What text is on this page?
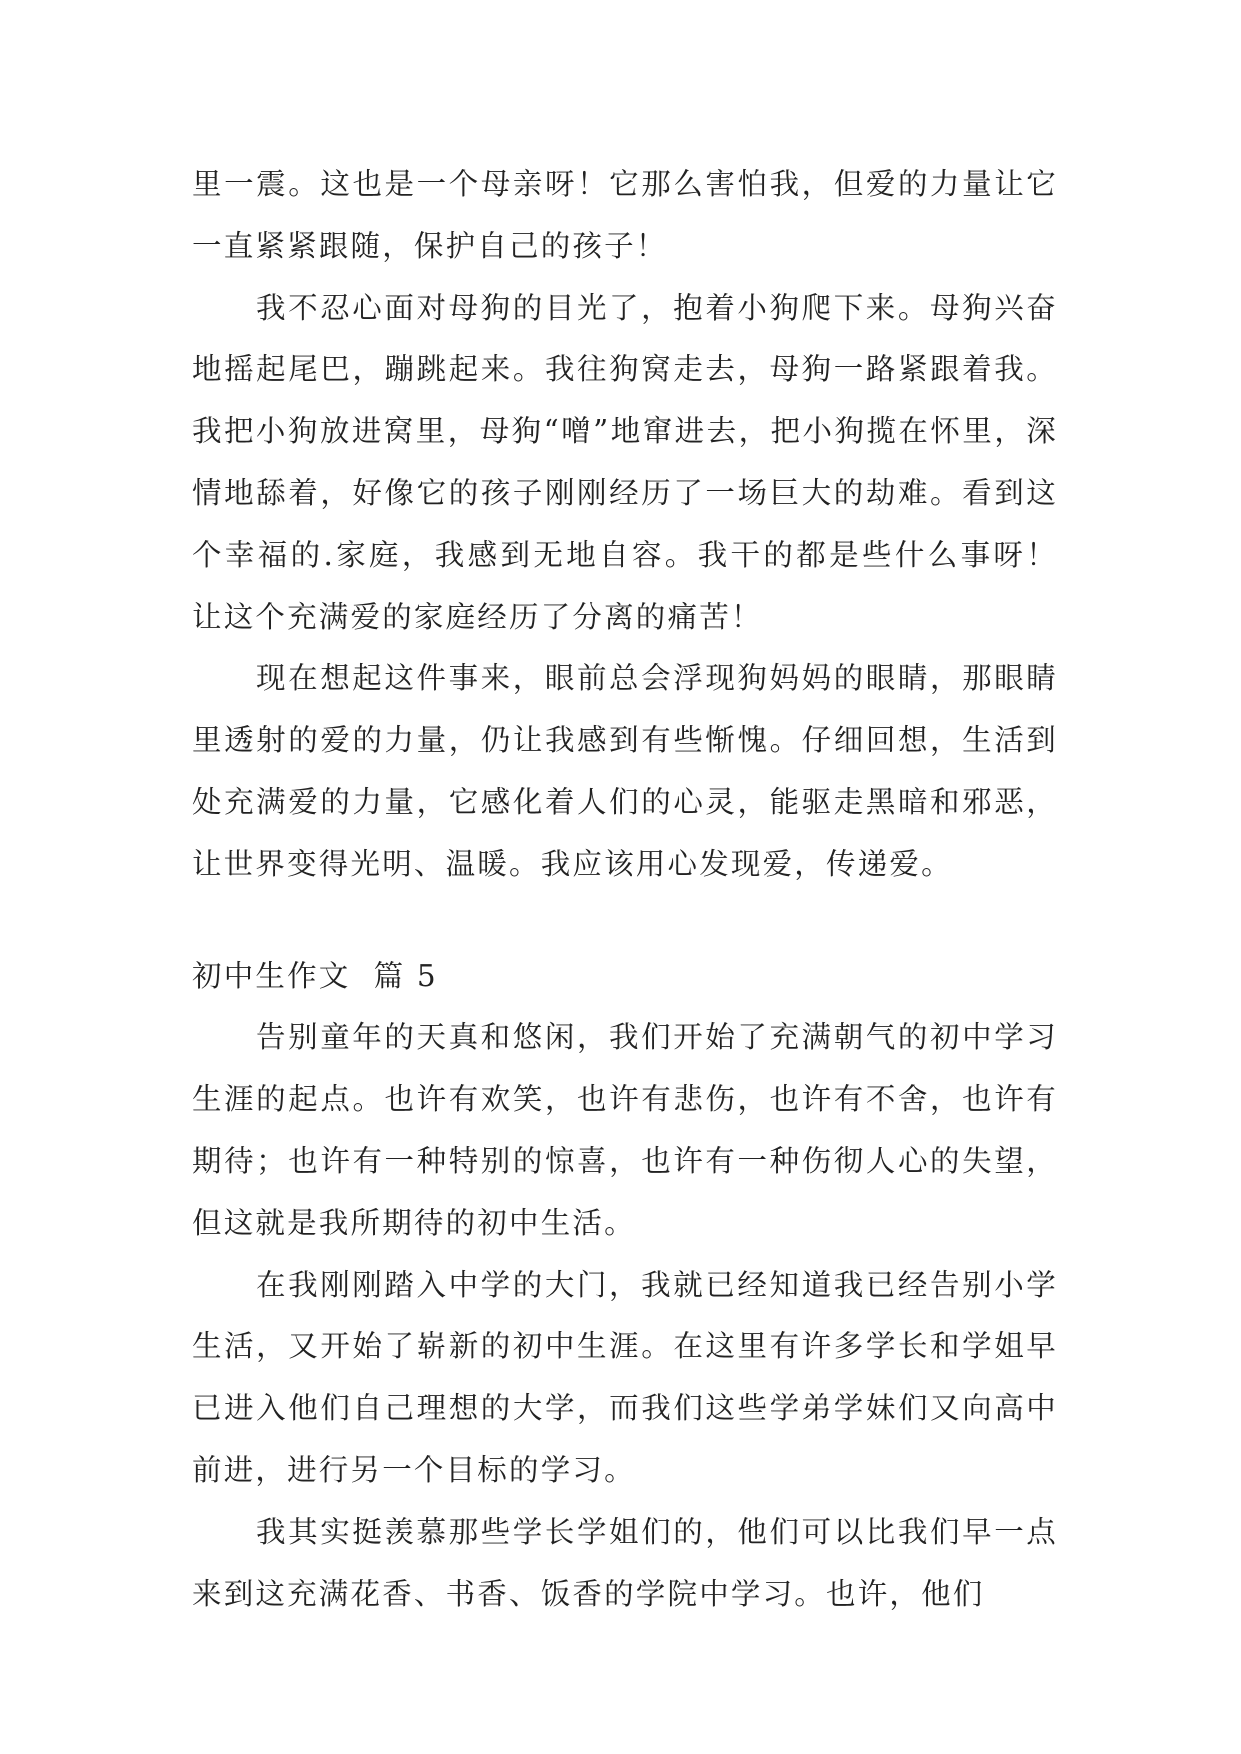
里一震。这也是一个母亲呀！它那么害怕我，但爱的力量让它一直紧紧跟随，保护自己的孩子！

我不忍心面对母狗的目光了，抱着小狗爬下来。母狗兴奋地摇起尾巴，蹦跳起来。我往狗窝走去，母狗一路紧跟着我。我把小狗放进窝里，母狗“噌”地窜进去，把小狗揽在怀里，深情地舔着，好像它的孩子刚刚经历了一场巨大的劫难。看到这个幸福的.家庭，我感到无地自容。我干的都是些什么事呀！让这个充满爱的家庭经历了分离的痛苦！

现在想起这件事来，眼前总会浮现狗妈妈的眼睛，那眼睛里透射的爱的力量，仍让我感到有些惭愧。仔细回想，生活到处充满爱的力量，它感化着人们的心灵，能驱走黑暗和邪恶，让世界变得光明、温暖。我应该用心发现爱，传递爱。

初中生作文  篇 5

告别童年的天真和悠闲，我们开始了充满朝气的初中学习生涯的起点。也许有欢笑，也许有悲伤，也许有不舍，也许有期待；也许有一种特别的惊喜，也许有一种伤彻人心的失望，但这就是我所期待的初中生活。

在我刚刚踏入中学的大门，我就已经知道我已经告别小学生活，又开始了崭新的初中生涯。在这里有许多学长和学姐早已进入他们自己理想的大学，而我们这些学弟学妹们又向高中前进，进行另一个目标的学习。

我其实挺羡慕那些学长学姐们的，他们可以比我们早一点来到这充满花香、书香、饭香的学院中学习。也许，他们
